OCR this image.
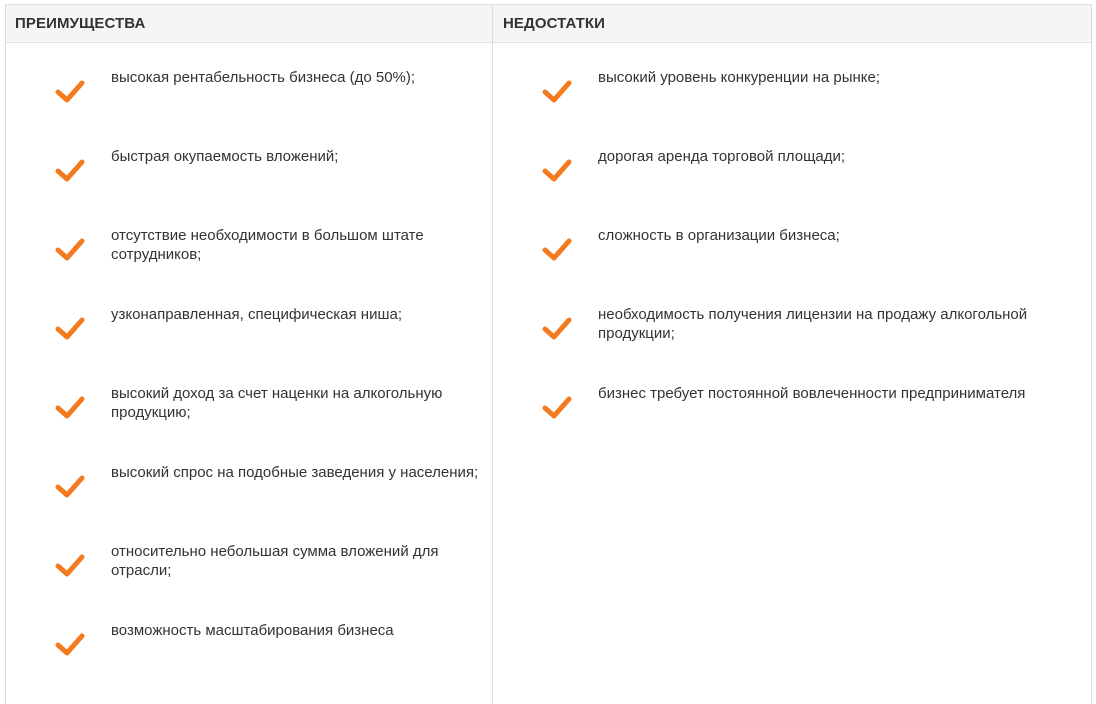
ПРЕИМУЩЕСТВА	НЕДОСТАТКИ
высокая рентабельность бизнеса (до 50%);
быстрая окупаемость вложений;
отсутствие необходимости в большом штате сотрудников;
узконаправленная, специфическая ниша;
высокий доход за счет наценки на алкогольную продукцию;
высокий спрос на подобные заведения у населения;
относительно небольшая сумма вложений для отрасли;
возможность масштабирования бизнеса
высокий уровень конкуренции на рынке;
дорогая аренда торговой площади;
сложность в организации бизнеса;
необходимость получения лицензии на продажу алкогольной продукции;
бизнес требует постоянной вовлеченности предпринимателя
